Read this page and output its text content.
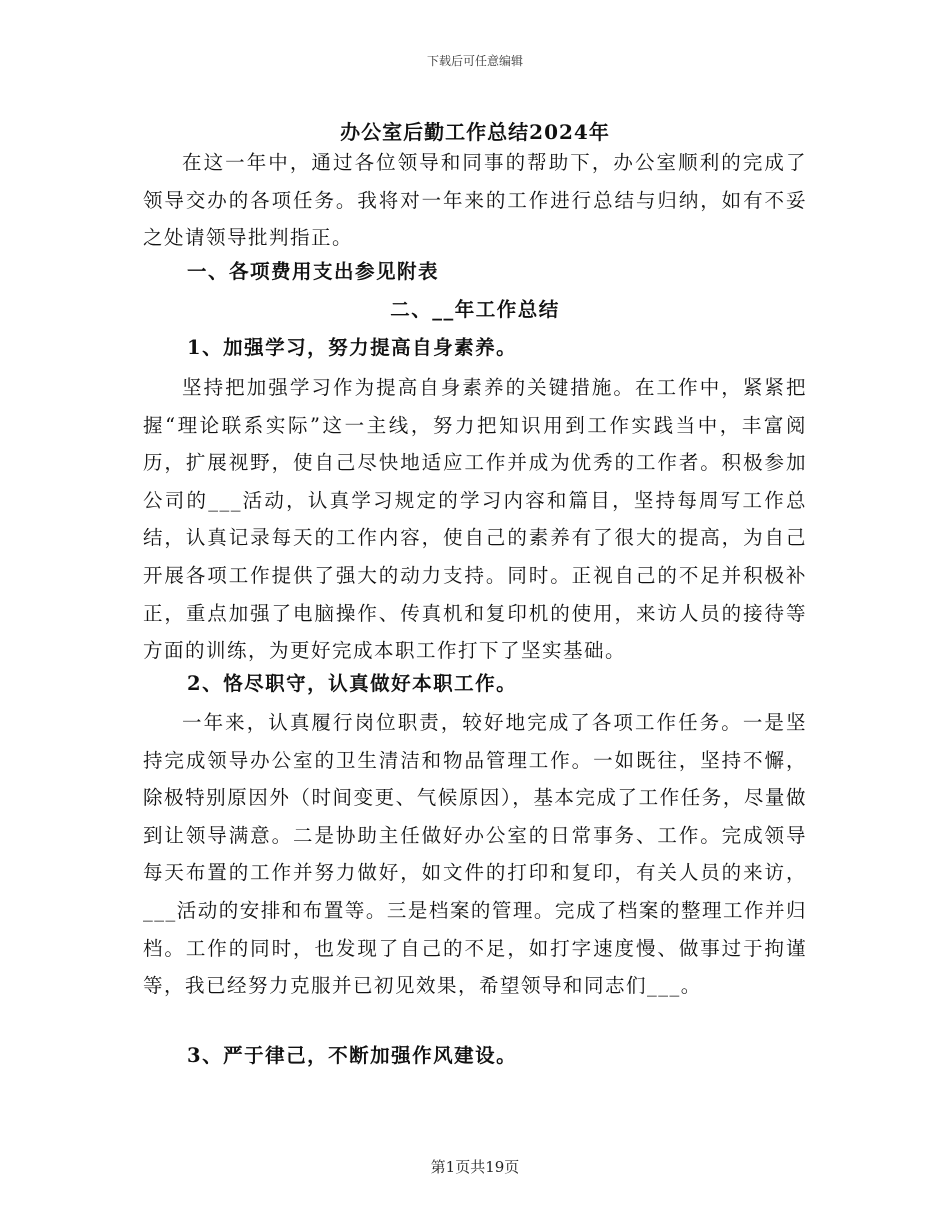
下载后可任意编辑
办公室后勤工作总结2024年
在这一年中，通过各位领导和同事的帮助下，办公室顺利的完成了领导交办的各项任务。我将对一年来的工作进行总结与归纳，如有不妥之处请领导批判指正。
一、各项费用支出参见附表
二、__年工作总结
1、加强学习，努力提高自身素养。
坚持把加强学习作为提高自身素养的关键措施。在工作中，紧紧把握“理论联系实际”这一主线，努力把知识用到工作实践当中，丰富阅历，扩展视野，使自己尽快地适应工作并成为优秀的工作者。积极参加公司的___活动，认真学习规定的学习内容和篇目，坚持每周写工作总结，认真记录每天的工作内容，使自己的素养有了很大的提高，为自己开展各项工作提供了强大的动力支持。同时。正视自己的不足并积极补正，重点加强了电脑操作、传真机和复印机的使用，来访人员的接待等方面的训练，为更好完成本职工作打下了坚实基础。
2、恪尽职守，认真做好本职工作。
一年来，认真履行岗位职责，较好地完成了各项工作任务。一是坚持完成领导办公室的卫生清洁和物品管理工作。一如既往，坚持不懈，除极特别原因外（时间变更、气候原因），基本完成了工作任务，尽量做到让领导满意。二是协助主任做好办公室的日常事务、工作。完成领导每天布置的工作并努力做好，如文件的打印和复印，有关人员的来访，___活动的安排和布置等。三是档案的管理。完成了档案的整理工作并归档。工作的同时，也发现了自己的不足，如打字速度慢、做事过于拘谨等，我已经努力克服并已初见效果，希望领导和同志们___。
3、严于律己，不断加强作风建设。
第1页共19页
